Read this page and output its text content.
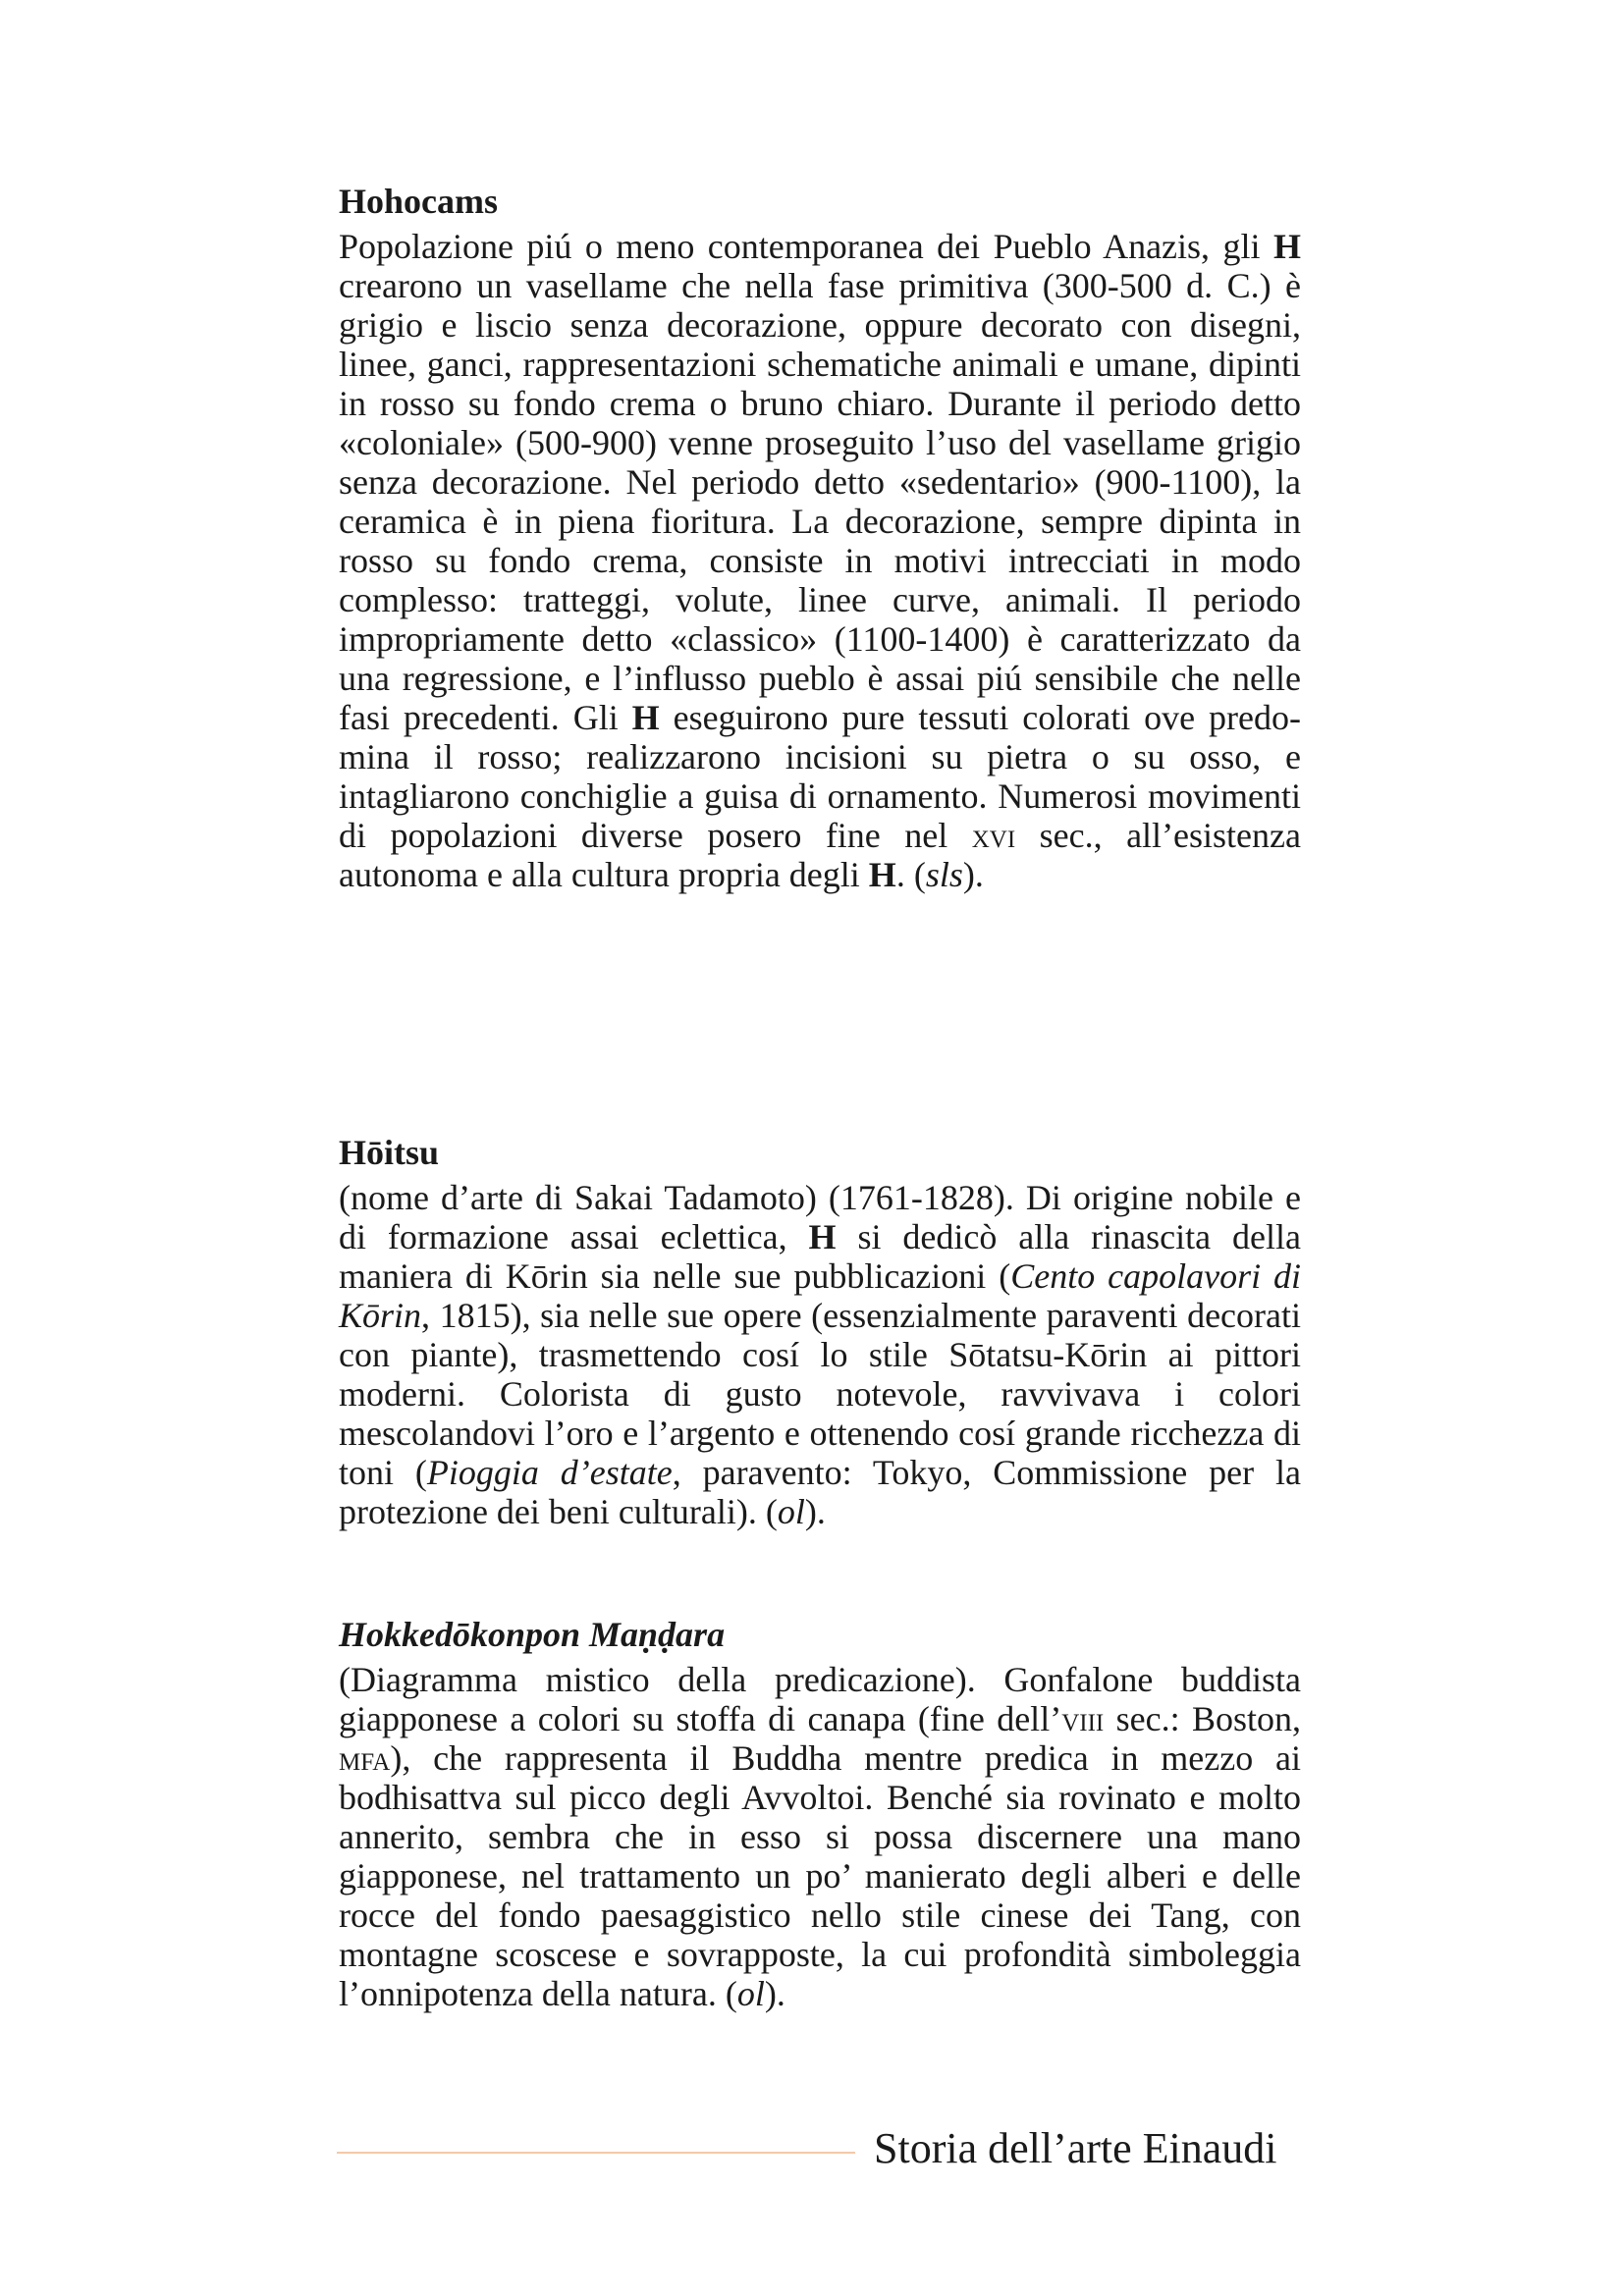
Hohocams

Popolazione piú o meno contemporanea dei Pueblo Anazis, gli H crearono un vasellame che nella fase primitiva (300-500 d. C.) è grigio e liscio senza decorazione, oppure decorato con disegni, linee, ganci, rappresentazioni schematiche animali e umane, dipinti in rosso su fondo crema o bruno chiaro. Durante il periodo detto «coloniale» (500-900) venne proseguito l’uso del vasellame grigio senza decorazione. Nel periodo detto «sedentario» (900-1100), la ceramica è in piena fioritura. La decorazione, sempre dipinta in rosso su fondo crema, consiste in motivi intrecciati in modo complesso: tratteggi, volute, linee curve, animali. Il periodo impropriamente detto «classico» (1100-1400) è caratterizzato da una regressione, e l’influsso pueblo è assai piú sensibile che nelle fasi precedenti. Gli H eseguirono pure tessuti colorati ove predomina il rosso; realizzarono incisioni su pietra o su osso, e intagliarono conchiglie a guisa di ornamento. Numerosi movimenti di popolazioni diverse posero fine nel xvi sec., all’esistenza autonoma e alla cultura propria degli H. (sls).

Hōitsu

(nome d’arte di Sakai Tadamoto) (1761-1828). Di origine nobile e di formazione assai eclettica, H si dedicò alla rinascita della maniera di Kōrin sia nelle sue pubblicazioni (Cento capolavori di Kōrin, 1815), sia nelle sue opere (essenzialmente paraventi decorati con piante), trasmettendo cosí lo stile Sōtatsu-Kōrin ai pittori moderni. Colorista di gusto notevole, ravvivava i colori mescolandovi l’oro e l’argento e ottenendo cosí grande ricchezza di toni (Pioggia d’estate, paravento: Tokyo, Commissione per la protezione dei beni culturali). (ol).

Hokkedōkonpon Maṇḍara

(Diagramma mistico della predicazione). Gonfalone buddista giapponese a colori su stoffa di canapa (fine dell’viii sec.: Boston, mfa), che rappresenta il Buddha mentre predica in mezzo ai bodhisattva sul picco degli Avvoltoi. Benché sia rovinato e molto annerito, sembra che in esso si possa discernere una mano giapponese, nel trattamento un po’ manierato degli alberi e delle rocce del fondo paesaggistico nello stile cinese dei Tang, con montagne scoscese e sovrapposte, la cui profondità simboleggia l’onnipotenza della natura. (ol).

Storia dell’arte Einaudi
